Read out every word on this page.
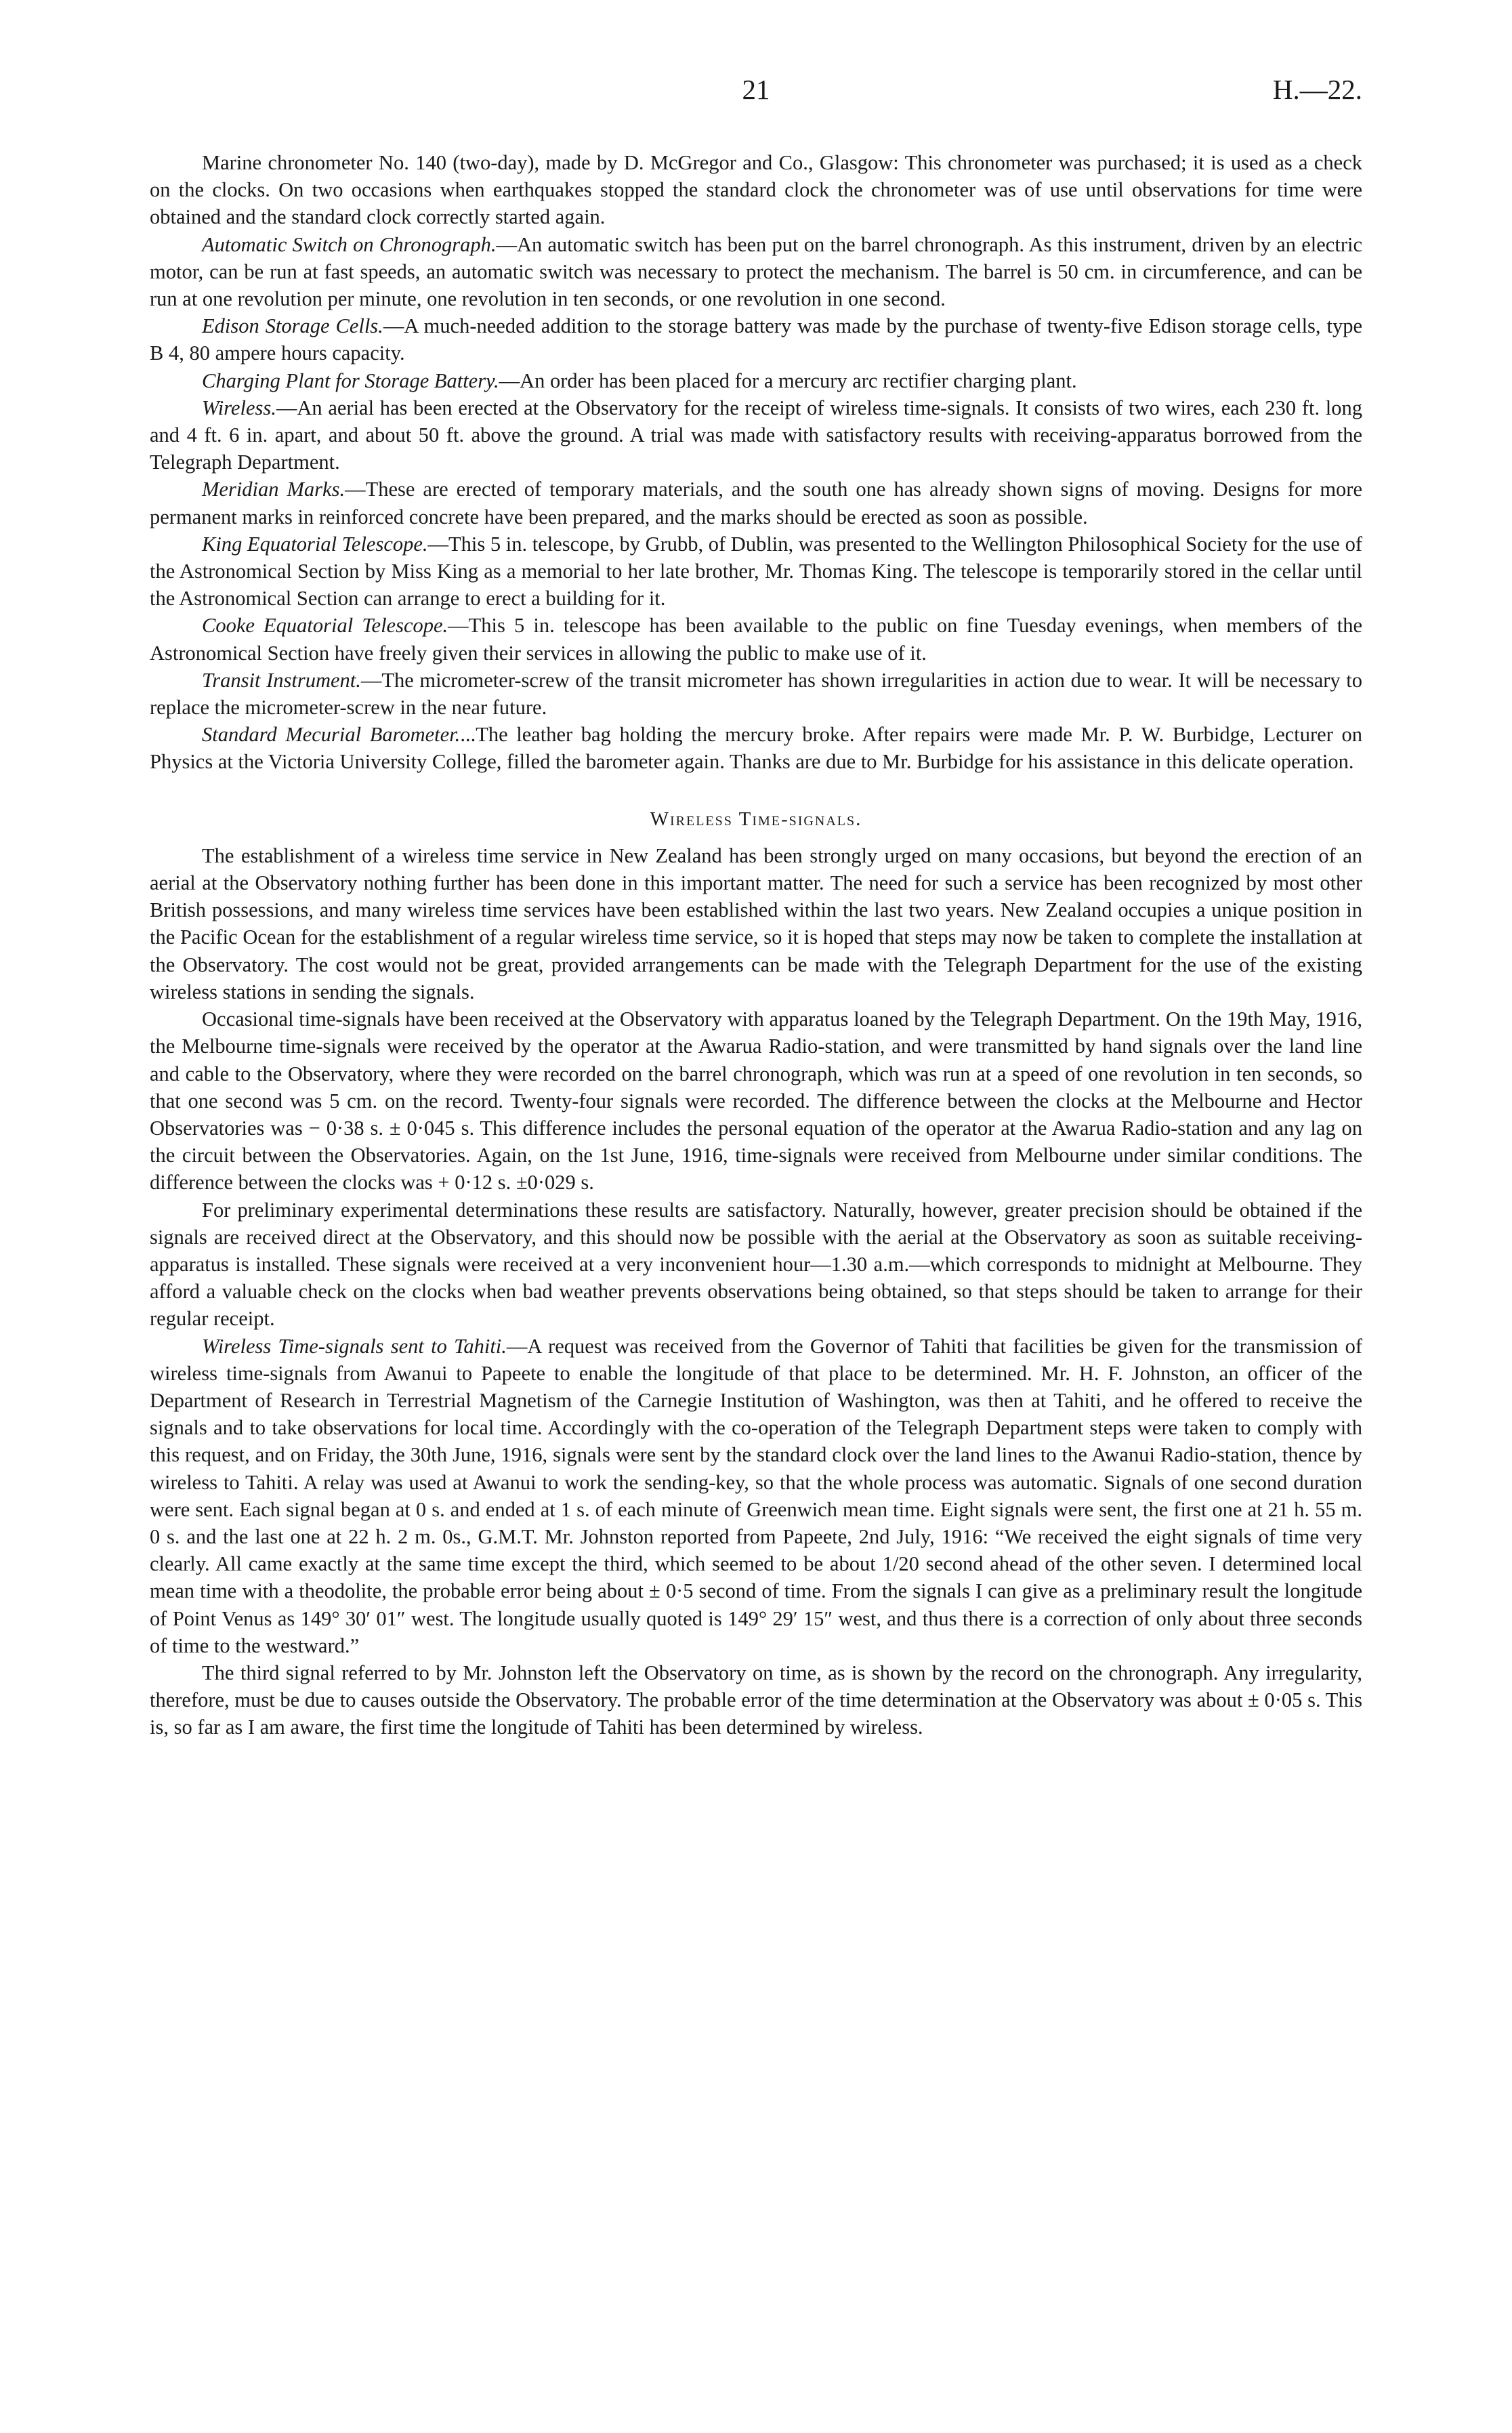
21	H.—22.

Marine chronometer No. 140 (two-day), made by D. McGregor and Co., Glasgow: This chronometer was purchased; it is used as a check on the clocks. On two occasions when earthquakes stopped the standard clock the chronometer was of use until observations for time were obtained and the standard clock correctly started again.

Automatic Switch on Chronograph.—An automatic switch has been put on the barrel chronograph. As this instrument, driven by an electric motor, can be run at fast speeds, an automatic switch was necessary to protect the mechanism. The barrel is 50 cm. in circumference, and can be run at one revolution per minute, one revolution in ten seconds, or one revolution in one second.

Edison Storage Cells.—A much-needed addition to the storage battery was made by the purchase of twenty-five Edison storage cells, type B 4, 80 ampere hours capacity.

Charging Plant for Storage Battery.—An order has been placed for a mercury arc rectifier charging plant.

Wireless.—An aerial has been erected at the Observatory for the receipt of wireless time-signals. It consists of two wires, each 230 ft. long and 4 ft. 6 in. apart, and about 50 ft. above the ground. A trial was made with satisfactory results with receiving-apparatus borrowed from the Telegraph Department.

Meridian Marks.—These are erected of temporary materials, and the south one has already shown signs of moving. Designs for more permanent marks in reinforced concrete have been prepared, and the marks should be erected as soon as possible.

King Equatorial Telescope.—This 5 in. telescope, by Grubb, of Dublin, was presented to the Wellington Philosophical Society for the use of the Astronomical Section by Miss King as a memorial to her late brother, Mr. Thomas King. The telescope is temporarily stored in the cellar until the Astronomical Section can arrange to erect a building for it.

Cooke Equatorial Telescope.—This 5 in. telescope has been available to the public on fine Tuesday evenings, when members of the Astronomical Section have freely given their services in allowing the public to make use of it.

Transit Instrument.—The micrometer-screw of the transit micrometer has shown irregularities in action due to wear. It will be necessary to replace the micrometer-screw in the near future.

Standard Mecurial Barometer....The leather bag holding the mercury broke. After repairs were made Mr. P. W. Burbidge, Lecturer on Physics at the Victoria University College, filled the barometer again. Thanks are due to Mr. Burbidge for his assistance in this delicate operation.

Wireless Time-signals.

The establishment of a wireless time service in New Zealand has been strongly urged on many occasions, but beyond the erection of an aerial at the Observatory nothing further has been done in this important matter. The need for such a service has been recognized by most other British possessions, and many wireless time services have been established within the last two years. New Zealand occupies a unique position in the Pacific Ocean for the establishment of a regular wireless time service, so it is hoped that steps may now be taken to complete the installation at the Observatory. The cost would not be great, provided arrangements can be made with the Telegraph Department for the use of the existing wireless stations in sending the signals.

Occasional time-signals have been received at the Observatory with apparatus loaned by the Telegraph Department. On the 19th May, 1916, the Melbourne time-signals were received by the operator at the Awarua Radio-station, and were transmitted by hand signals over the land line and cable to the Observatory, where they were recorded on the barrel chronograph, which was run at a speed of one revolution in ten seconds, so that one second was 5 cm. on the record. Twenty-four signals were recorded. The difference between the clocks at the Melbourne and Hector Observatories was − 0·38 s. ± 0·045 s. This difference includes the personal equation of the operator at the Awarua Radio-station and any lag on the circuit between the Observatories. Again, on the 1st June, 1916, time-signals were received from Melbourne under similar conditions. The difference between the clocks was + 0·12 s. ±0·029 s.

For preliminary experimental determinations these results are satisfactory. Naturally, however, greater precision should be obtained if the signals are received direct at the Observatory, and this should now be possible with the aerial at the Observatory as soon as suitable receiving-apparatus is installed. These signals were received at a very inconvenient hour—1.30 a.m.—which corresponds to midnight at Melbourne. They afford a valuable check on the clocks when bad weather prevents observations being obtained, so that steps should be taken to arrange for their regular receipt.

Wireless Time-signals sent to Tahiti.—A request was received from the Governor of Tahiti that facilities be given for the transmission of wireless time-signals from Awanui to Papeete to enable the longitude of that place to be determined. Mr. H. F. Johnston, an officer of the Department of Research in Terrestrial Magnetism of the Carnegie Institution of Washington, was then at Tahiti, and he offered to receive the signals and to take observations for local time. Accordingly with the co-operation of the Telegraph Department steps were taken to comply with this request, and on Friday, the 30th June, 1916, signals were sent by the standard clock over the land lines to the Awanui Radio-station, thence by wireless to Tahiti. A relay was used at Awanui to work the sending-key, so that the whole process was automatic. Signals of one second duration were sent. Each signal began at 0 s. and ended at 1 s. of each minute of Greenwich mean time. Eight signals were sent, the first one at 21 h. 55 m. 0 s. and the last one at 22 h. 2 m. 0s., G.M.T. Mr. Johnston reported from Papeete, 2nd July, 1916: “We received the eight signals of time very clearly. All came exactly at the same time except the third, which seemed to be about 1/20 second ahead of the other seven. I determined local mean time with a theodolite, the probable error being about ± 0·5 second of time. From the signals I can give as a preliminary result the longitude of Point Venus as 149° 30′ 01″ west. The longitude usually quoted is 149° 29′ 15″ west, and thus there is a correction of only about three seconds of time to the westward.”

The third signal referred to by Mr. Johnston left the Observatory on time, as is shown by the record on the chronograph. Any irregularity, therefore, must be due to causes outside the Observatory. The probable error of the time determination at the Observatory was about ± 0·05 s. This is, so far as I am aware, the first time the longitude of Tahiti has been determined by wireless.
